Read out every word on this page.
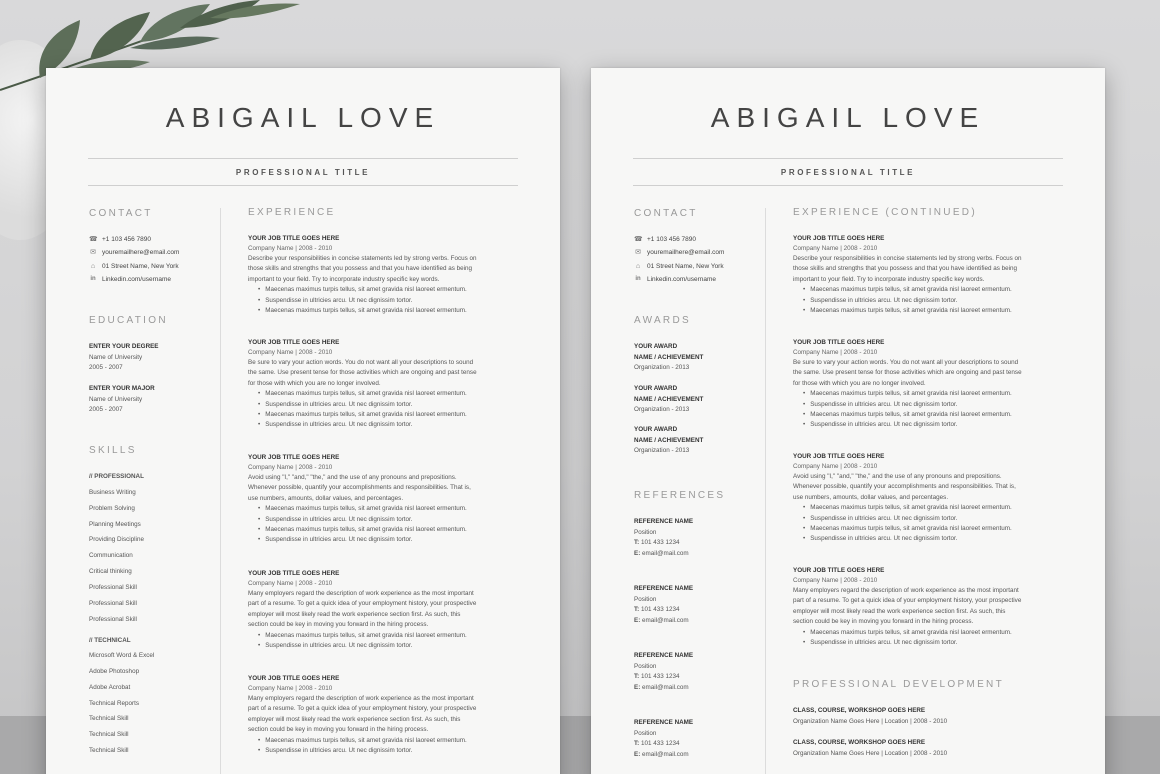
ABIGAIL LOVE
PROFESSIONAL TITLE
CONTACT
☎ +1 103 456 7890
✉ youremailhere@email.com
⌂ 01 Street Name, New York
in Linkedin.com/username
EDUCATION
ENTER YOUR DEGREE
Name of University
2005 - 2007
ENTER YOUR MAJOR
Name of University
2005 - 2007
SKILLS
// PROFESSIONAL
Business Writing
Problem Solving
Planning Meetings
Providing Discipline
Communication
Critical thinking
Professional Skill
Professional Skill
Professional Skill
// TECHNICAL
Microsoft Word & Excel
Adobe Photoshop
Adobe Acrobat
Technical Reports
Technical Skill
Technical Skill
Technical Skill
EXPERIENCE
YOUR JOB TITLE GOES HERE
Company Name | 2008 - 2010
Describe your responsibilities in concise statements led by strong verbs. Focus on
those skills and strengths that you possess and that you have identified as being
important to your field. Try to incorporate industry specific key words.
• Maecenas maximus turpis tellus, sit amet gravida nisl laoreet ermentum.
• Suspendisse in ultricies arcu. Ut nec dignissim tortor.
• Maecenas maximus turpis tellus, sit amet gravida nisl laoreet ermentum.
YOUR JOB TITLE GOES HERE
Company Name | 2008 - 2010
Be sure to vary your action words. You do not want all your descriptions to sound
the same. Use present tense for those activities which are ongoing and past tense
for those with which you are no longer involved.
• Maecenas maximus turpis tellus, sit amet gravida nisl laoreet ermentum.
• Suspendisse in ultricies arcu. Ut nec dignissim tortor.
• Maecenas maximus turpis tellus, sit amet gravida nisl laoreet ermentum.
• Suspendisse in ultricies arcu. Ut nec dignissim tortor.
YOUR JOB TITLE GOES HERE
Company Name | 2008 - 2010
Avoid using "I," "and," "the," and the use of any pronouns and prepositions.
Whenever possible, quantify your accomplishments and responsibilities. That is,
use numbers, amounts, dollar values, and percentages.
• Maecenas maximus turpis tellus, sit amet gravida nisl laoreet ermentum.
• Suspendisse in ultricies arcu. Ut nec dignissim tortor.
• Maecenas maximus turpis tellus, sit amet gravida nisl laoreet ermentum.
• Suspendisse in ultricies arcu. Ut nec dignissim tortor.
YOUR JOB TITLE GOES HERE
Company Name | 2008 - 2010
Many employers regard the description of work experience as the most important
part of a resume. To get a quick idea of your employment history, your prospective
employer will most likely read the work experience section first. As such, this
section could be key in moving you forward in the hiring process.
• Maecenas maximus turpis tellus, sit amet gravida nisl laoreet ermentum.
• Suspendisse in ultricies arcu. Ut nec dignissim tortor.
YOUR JOB TITLE GOES HERE
Company Name | 2008 - 2010
Many employers regard the description of work experience as the most important
part of a resume. To get a quick idea of your employment history, your prospective
employer will most likely read the work experience section first. As such, this
section could be key in moving you forward in the hiring process.
• Maecenas maximus turpis tellus, sit amet gravida nisl laoreet ermentum.
• Suspendisse in ultricies arcu. Ut nec dignissim tortor.
ABIGAIL LOVE
PROFESSIONAL TITLE
CONTACT
☎ +1 103 456 7890
✉ youremailhere@email.com
⌂ 01 Street Name, New York
in Linkedin.com/username
AWARDS
YOUR AWARD
NAME / ACHIEVEMENT
Organization - 2013
YOUR AWARD
NAME / ACHIEVEMENT
Organization - 2013
YOUR AWARD
NAME / ACHIEVEMENT
Organization - 2013
REFERENCES
REFERENCE NAME
Position
T: 101 433 1234
E: email@mail.com
REFERENCE NAME
Position
T: 101 433 1234
E: email@mail.com
REFERENCE NAME
Position
T: 101 433 1234
E: email@mail.com
REFERENCE NAME
Position
T: 101 433 1234
E: email@mail.com
EXPERIENCE (CONTINUED)
YOUR JOB TITLE GOES HERE
Company Name | 2008 - 2010
Describe your responsibilities in concise statements led by strong verbs. Focus on
those skills and strengths that you possess and that you have identified as being
important to your field. Try to incorporate industry specific key words.
• Maecenas maximus turpis tellus, sit amet gravida nisl laoreet ermentum.
• Suspendisse in ultricies arcu. Ut nec dignissim tortor.
• Maecenas maximus turpis tellus, sit amet gravida nisl laoreet ermentum.
YOUR JOB TITLE GOES HERE
Company Name | 2008 - 2010
Be sure to vary your action words. You do not want all your descriptions to sound
the same. Use present tense for those activities which are ongoing and past tense
for those with which you are no longer involved.
• Maecenas maximus turpis tellus, sit amet gravida nisl laoreet ermentum.
• Suspendisse in ultricies arcu. Ut nec dignissim tortor.
• Maecenas maximus turpis tellus, sit amet gravida nisl laoreet ermentum.
• Suspendisse in ultricies arcu. Ut nec dignissim tortor.
YOUR JOB TITLE GOES HERE
Company Name | 2008 - 2010
Avoid using "I," "and," "the," and the use of any pronouns and prepositions.
Whenever possible, quantify your accomplishments and responsibilities. That is,
use numbers, amounts, dollar values, and percentages.
• Maecenas maximus turpis tellus, sit amet gravida nisl laoreet ermentum.
• Suspendisse in ultricies arcu. Ut nec dignissim tortor.
• Maecenas maximus turpis tellus, sit amet gravida nisl laoreet ermentum.
• Suspendisse in ultricies arcu. Ut nec dignissim tortor.
YOUR JOB TITLE GOES HERE
Company Name | 2008 - 2010
Many employers regard the description of work experience as the most important
part of a resume. To get a quick idea of your employment history, your prospective
employer will most likely read the work experience section first. As such, this
section could be key in moving you forward in the hiring process.
• Maecenas maximus turpis tellus, sit amet gravida nisl laoreet ermentum.
• Suspendisse in ultricies arcu. Ut nec dignissim tortor.
PROFESSIONAL DEVELOPMENT
CLASS, COURSE, WORKSHOP GOES HERE
Organization Name Goes Here | Location | 2008 - 2010
CLASS, COURSE, WORKSHOP GOES HERE
Organization Name Goes Here | Location | 2008 - 2010
